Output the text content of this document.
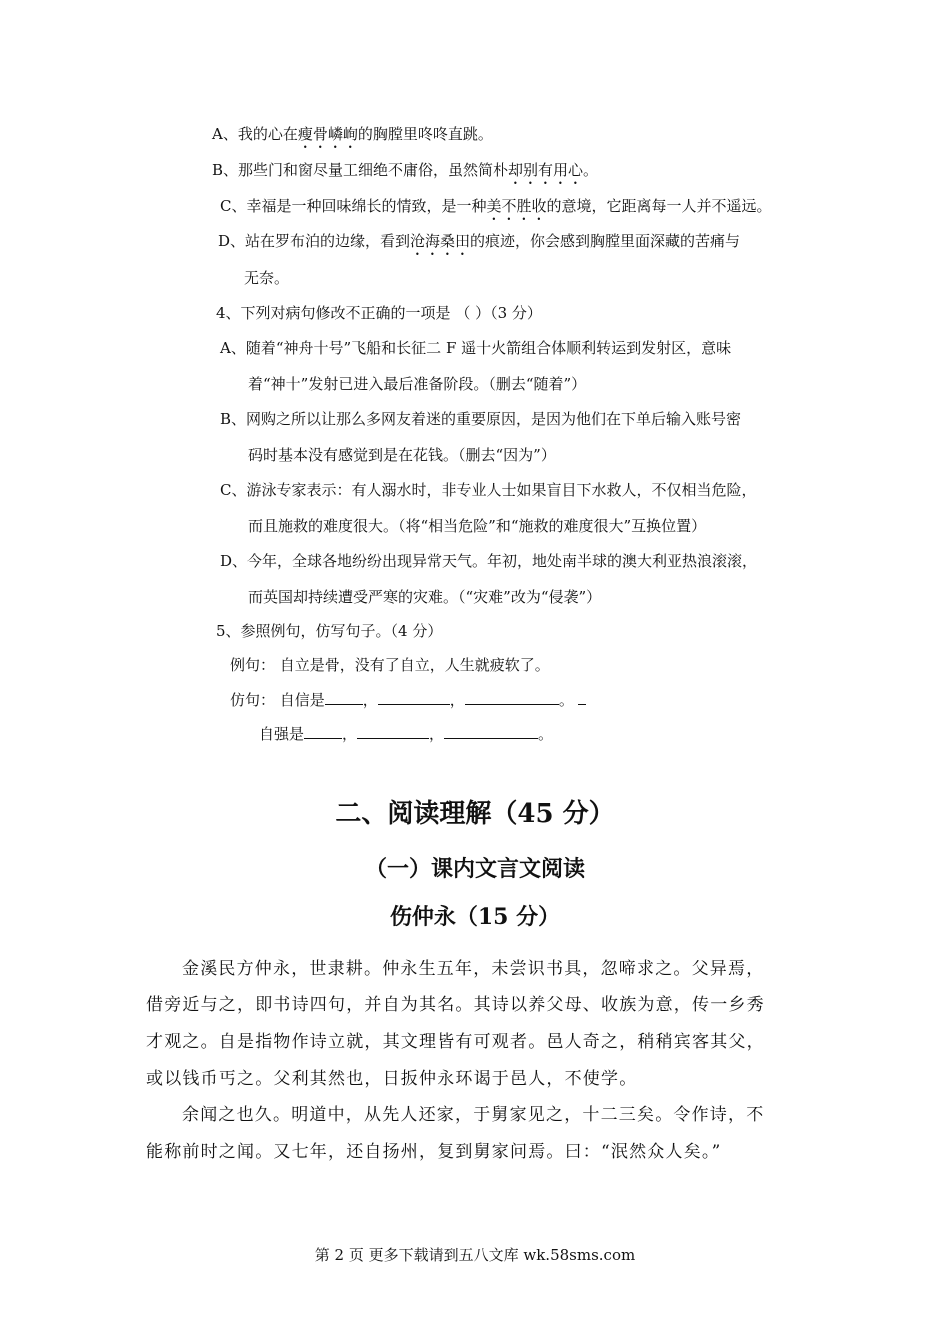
A、我的心在瘦骨嶙峋的胸膛里咚咚直跳。
B、那些门和窗尽量工细绝不庸俗，虽然简朴却别有用心。
C、幸福是一种回味绵长的情致，是一种美不胜收的意境，它距离每一人并不遥远。
D、站在罗布泊的边缘，看到沧海桑田的痕迹，你会感到胸膛里面深藏的苦痛与
无奈。
4、下列对病句修改不正确的一项是 （ ）（3 分）
A、随着“神舟十号”飞船和长征二 F 遥十火箭组合体顺利转运到发射区，意味
着“神十”发射已进入最后准备阶段。（删去“随着”）
B、网购之所以让那么多网友着迷的重要原因，是因为他们在下单后输入账号密
码时基本没有感觉到是在花钱。（删去“因为”）
C、游泳专家表示：有人溺水时，非专业人士如果盲目下水救人，不仅相当危险，
而且施救的难度很大。（将“相当危险”和“施救的难度很大”互换位置）
D、今年，全球各地纷纷出现异常天气。年初，地处南半球的澳大利亚热浪滚滚，
而英国却持续遭受严寒的灾难。（“灾难”改为“侵袭”）
5、参照例句，仿写句子。（4 分）
例句： 自立是骨，没有了自立，人生就疲软了。
仿句： 自信是	，	，	。
自强是	，	，	。
二、阅读理解（45 分）
（一）课内文言文阅读
伤仲永（15 分）
金溪民方仲永，世隶耕。仲永生五年，未尝识书具，忽啼求之。父异焉，
借旁近与之，即书诗四句，并自为其名。其诗以养父母、收族为意，传一乡秀
才观之。自是指物作诗立就，其文理皆有可观者。邑人奇之，稍稍宾客其父，
或以钱币丐之。父利其然也，日扳仲永环谒于邑人，不使学。
余闻之也久。明道中，从先人还家，于舅家见之，十二三矣。令作诗，不
能称前时之闻。又七年，还自扬州，复到舅家问焉。曰：“泯然众人矣。”
第 2 页 更多下载请到五八文库 wk.58sms.com
